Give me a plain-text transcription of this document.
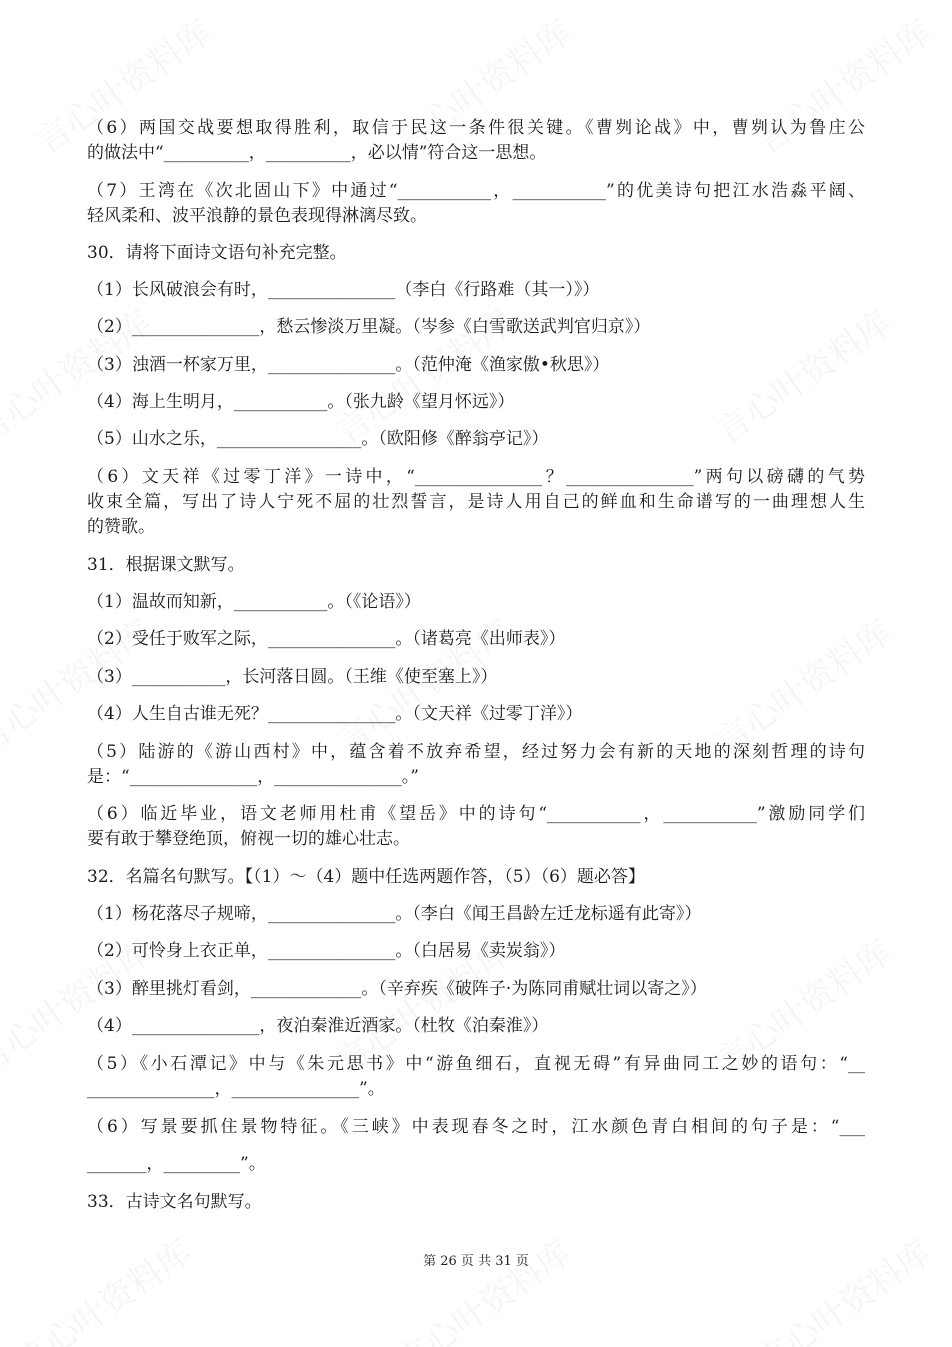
（6）两国交战要想取得胜利，取信于民这一条件很关键。《曹刿论战》中，曹刿认为鲁庄公
的做法中“__________，__________，必以情”符合这一思想。
（7）王湾在《次北固山下》中通过“___________，___________”的优美诗句把江水浩淼平阔、
轻风柔和、波平浪静的景色表现得淋漓尽致。
30．请将下面诗文语句补充完整。
（1）长风破浪会有时，_______________（李白《行路难（其一）》）
（2）_______________，愁云惨淡万里凝。（岑参《白雪歌送武判官归京》）
（3）浊酒一杯家万里，_______________。（范仲淹《渔家傲•秋思》）
（4）海上生明月，___________。（张九龄《望月怀远》）
（5）山水之乐，_________________。（欧阳修《醉翁亭记》）
（6）文天祥《过零丁洋》一诗中，“_______________？_______________”两句以磅礴的气势
收束全篇，写出了诗人宁死不屈的壮烈誓言，是诗人用自己的鲜血和生命谱写的一曲理想人生
的赞歌。
31．根据课文默写。
（1）温故而知新，___________。（《论语》）
（2）受任于败军之际，_______________。（诸葛亮《出师表》）
（3）___________，长河落日圆。（王维《使至塞上》）
（4）人生自古谁无死？_______________。（文天祥《过零丁洋》）
（5）陆游的《游山西村》中，蕴含着不放弃希望，经过努力会有新的天地的深刻哲理的诗句
是：“_______________，_______________。”
（6）临近毕业，语文老师用杜甫《望岳》中的诗句“___________，___________”激励同学们
要有敢于攀登绝顶，俯视一切的雄心壮志。
32．名篇名句默写。【（1）～（4）题中任选两题作答，（5）（6）题必答】
（1）杨花落尽子规啼，_______________。（李白《闻王昌龄左迁龙标遥有此寄》）
（2）可怜身上衣正单，_______________。（白居易《卖炭翁》）
（3）醉里挑灯看剑，_____________。（辛弃疾《破阵子·为陈同甫赋壮词以寄之》）
（4）_______________，夜泊秦淮近酒家。（杜牧《泊秦淮》）
（5）《小石潭记》中与《朱元思书》中“游鱼细石，直视无碍”有异曲同工之妙的语句：“__
_______________，_______________”。
（6）写景要抓住景物特征。《三峡》中表现春冬之时，江水颜色青白相间的句子是：“___
_______，_________”。
33．古诗文名句默写。
第 26 页 共 31 页
